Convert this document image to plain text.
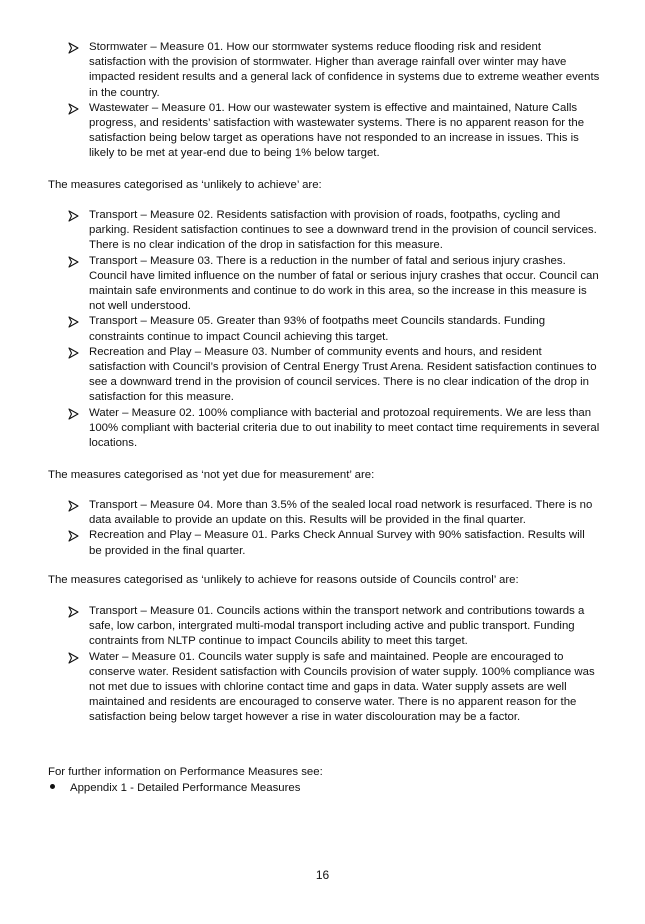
Stormwater – Measure 01. How our stormwater systems reduce flooding risk and resident satisfaction with the provision of stormwater. Higher than average rainfall over winter may have impacted resident results and a general lack of confidence in systems due to extreme weather events in the country.
Wastewater – Measure 01. How our wastewater system is effective and maintained, Nature Calls progress, and residents’ satisfaction with wastewater systems. There is no apparent reason for the satisfaction being below target as operations have not responded to an increase in issues. This is likely to be met at year-end due to being 1% below target.
The measures categorised as ‘unlikely to achieve’ are:
Transport – Measure 02. Residents satisfaction with provision of roads, footpaths, cycling and parking. Resident satisfaction continues to see a downward trend in the provision of council services. There is no clear indication of the drop in satisfaction for this measure.
Transport – Measure 03. There is a reduction in the number of fatal and serious injury crashes. Council have limited influence on the number of fatal or serious injury crashes that occur. Council can maintain safe environments and continue to do work in this area, so the increase in this measure is not well understood.
Transport – Measure 05. Greater than 93% of footpaths meet Councils standards. Funding constraints continue to impact Council achieving this target.
Recreation and Play – Measure 03. Number of community events and hours, and resident satisfaction with Council’s provision of Central Energy Trust Arena. Resident satisfaction continues to see a downward trend in the provision of council services. There is no clear indication of the drop in satisfaction for this measure.
Water – Measure 02. 100% compliance with bacterial and protozoal requirements. We are less than 100% compliant with bacterial criteria due to out inability to meet contact time requirements in several locations.
The measures categorised as ‘not yet due for measurement’ are:
Transport – Measure 04. More than 3.5% of the sealed local road network is resurfaced. There is no data available to provide an update on this. Results will be provided in the final quarter.
Recreation and Play – Measure 01. Parks Check Annual Survey with 90% satisfaction. Results will be provided in the final quarter.
The measures categorised as ‘unlikely to achieve for reasons outside of Councils control’ are:
Transport – Measure 01. Councils actions within the transport network and contributions towards a safe, low carbon, intergrated multi-modal transport including active and public transport. Funding contraints from NLTP continue to impact Councils ability to meet this target.
Water – Measure 01. Councils water supply is safe and maintained. People are encouraged to conserve water. Resident satisfaction with Councils provision of water supply. 100% compliance was not met due to issues with chlorine contact time and gaps in data. Water supply assets are well maintained and residents are encouraged to conserve water. There is no apparent reason for the satisfaction being below target however a rise in water discolouration may be a factor.
For further information on Performance Measures see:
Appendix 1 - Detailed Performance Measures
16
